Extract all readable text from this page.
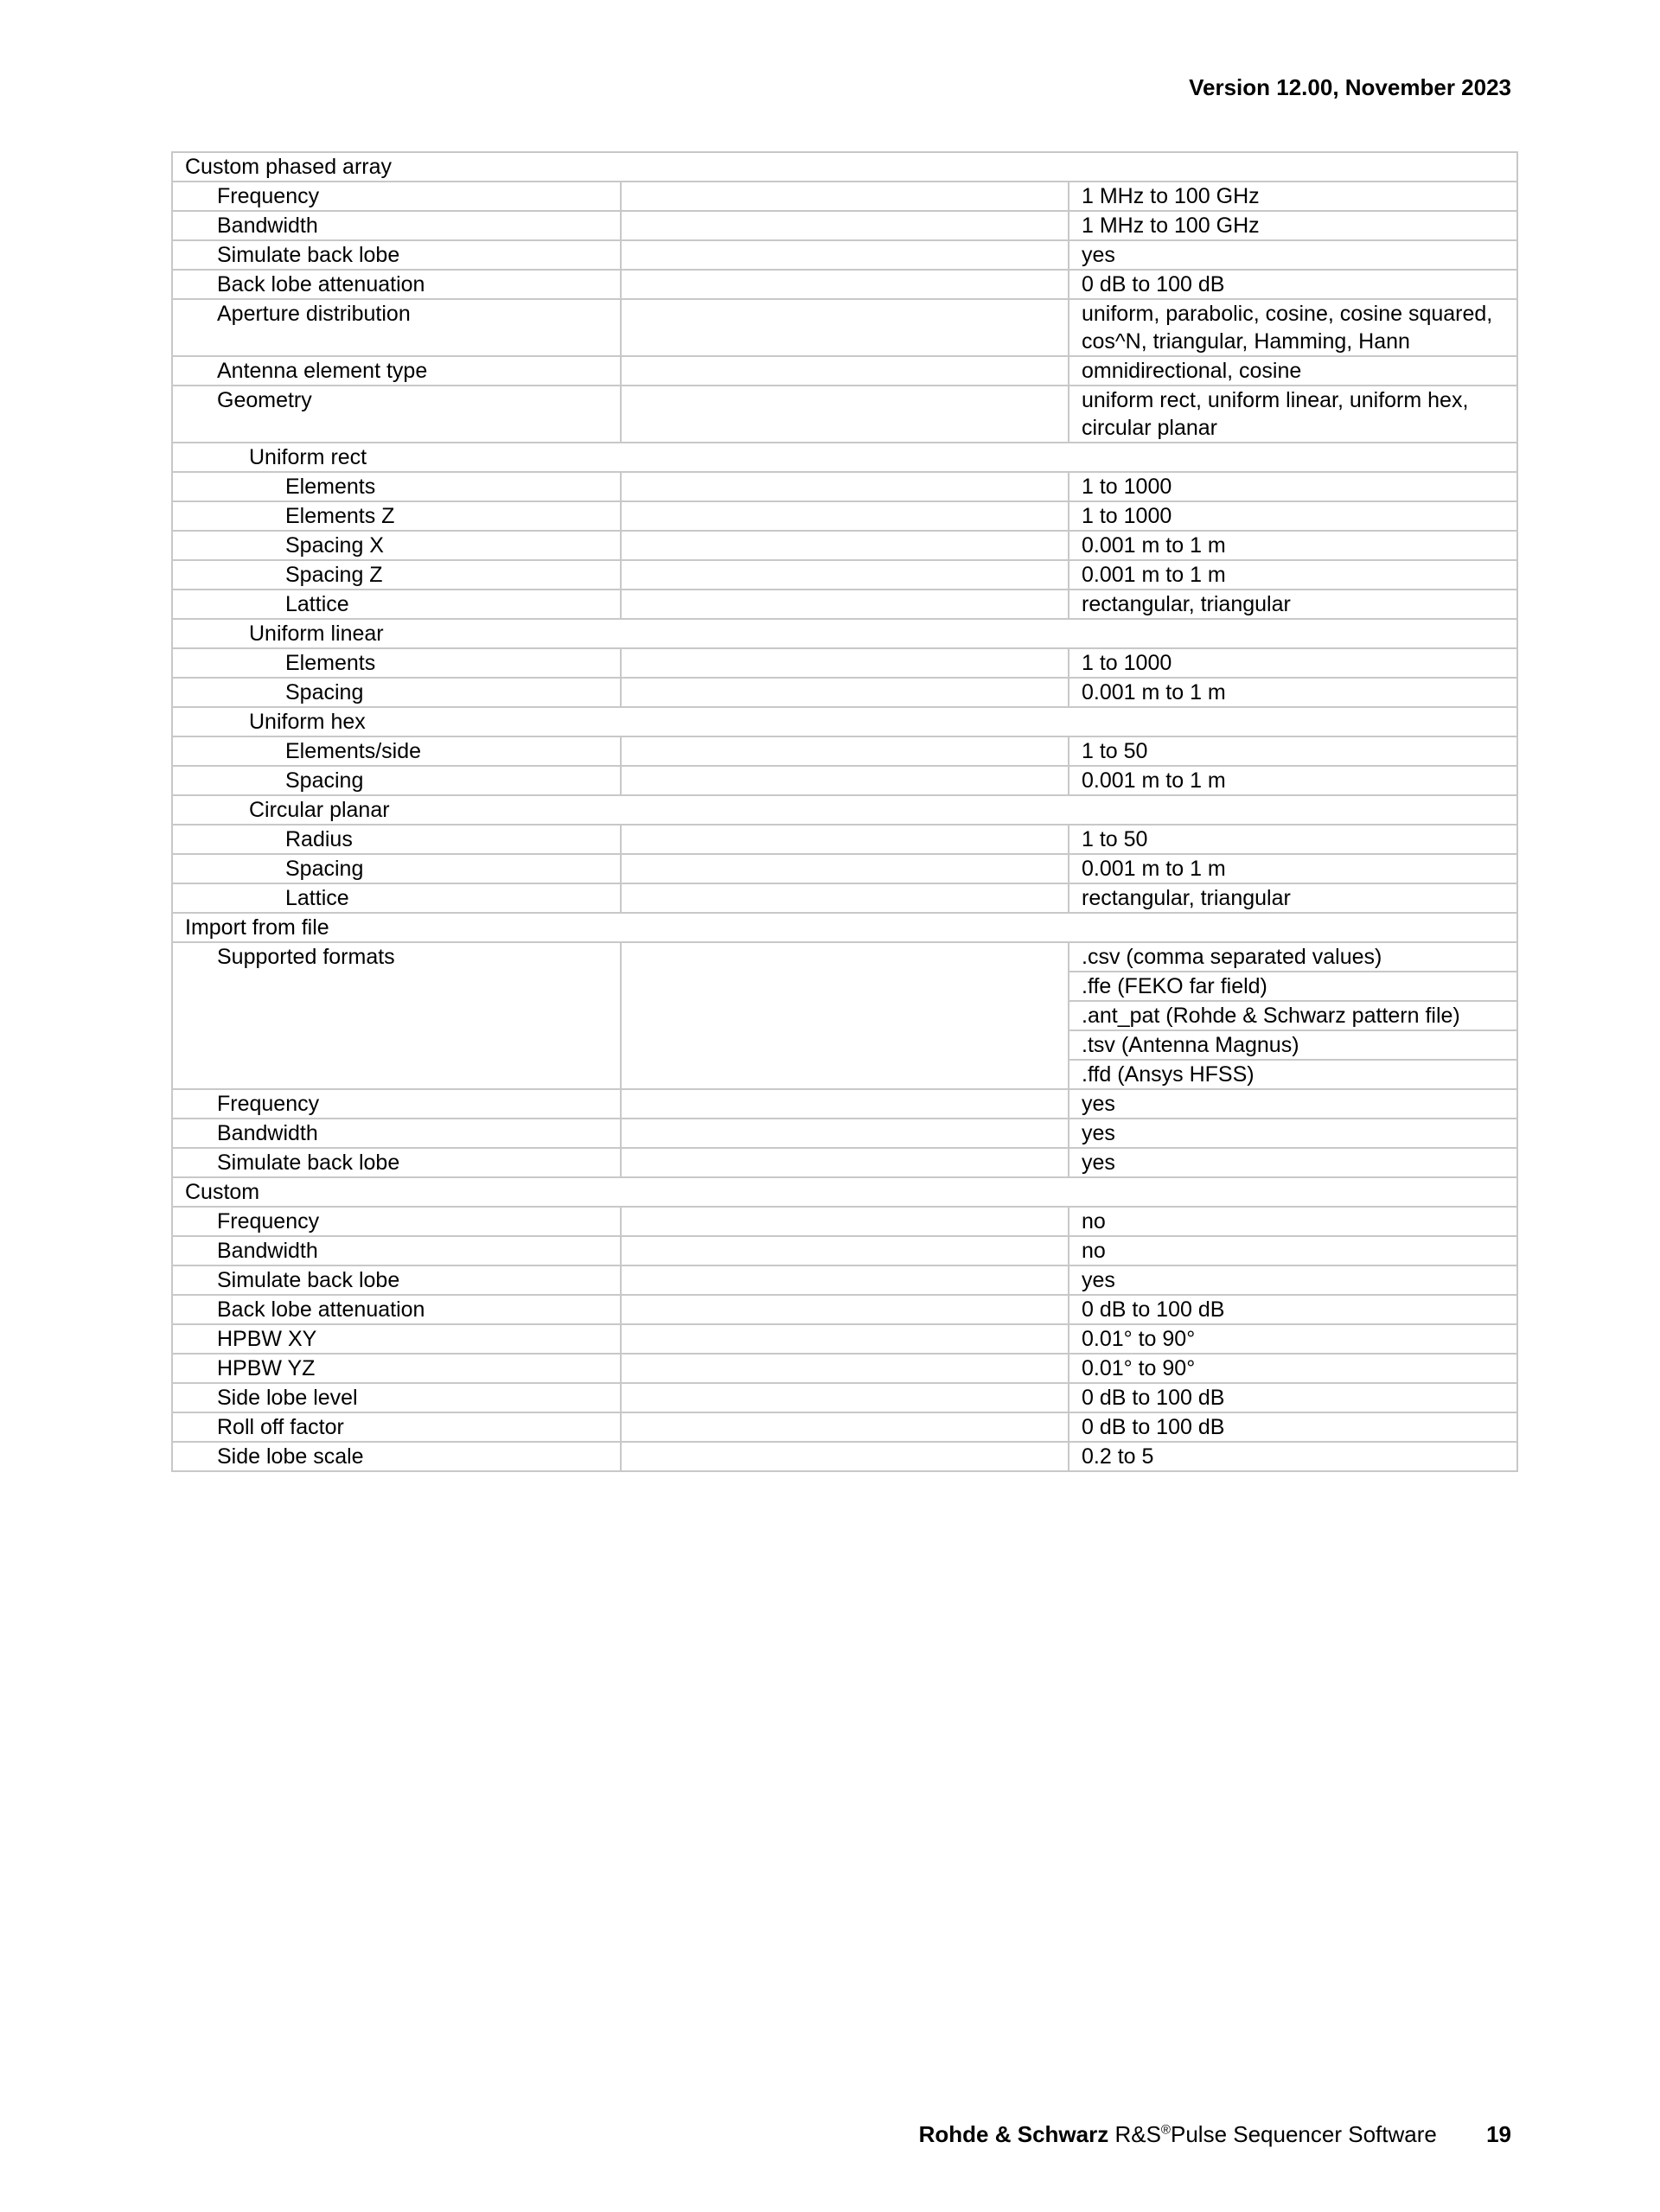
Version 12.00, November 2023
Custom phased array		
Frequency		1 MHz to 100 GHz
Bandwidth		1 MHz to 100 GHz
Simulate back lobe		yes
Back lobe attenuation		0 dB to 100 dB
Aperture distribution		uniform, parabolic, cosine, cosine squared, cos^N, triangular, Hamming, Hann
Antenna element type		omnidirectional, cosine
Geometry		uniform rect, uniform linear, uniform hex, circular planar
Uniform rect		
Elements		1 to 1000
Elements Z		1 to 1000
Spacing X		0.001 m to 1 m
Spacing Z		0.001 m to 1 m
Lattice		rectangular, triangular
Uniform linear		
Elements		1 to 1000
Spacing		0.001 m to 1 m
Uniform hex		
Elements/side		1 to 50
Spacing		0.001 m to 1 m
Circular planar		
Radius		1 to 50
Spacing		0.001 m to 1 m
Lattice		rectangular, triangular
Import from file		
Supported formats		.csv (comma separated values)
		.ffe (FEKO far field)
		.ant_pat (Rohde & Schwarz pattern file)
		.tsv (Antenna Magnus)
		.ffd (Ansys HFSS)
Frequency		yes
Bandwidth		yes
Simulate back lobe		yes
Custom		
Frequency		no
Bandwidth		no
Simulate back lobe		yes
Back lobe attenuation		0 dB to 100 dB
HPBW XY		0.01° to 90°
HPBW YZ		0.01° to 90°
Side lobe level		0 dB to 100 dB
Roll off factor		0 dB to 100 dB
Side lobe scale		0.2 to 5
Rohde & Schwarz R&S®Pulse Sequencer Software 19
